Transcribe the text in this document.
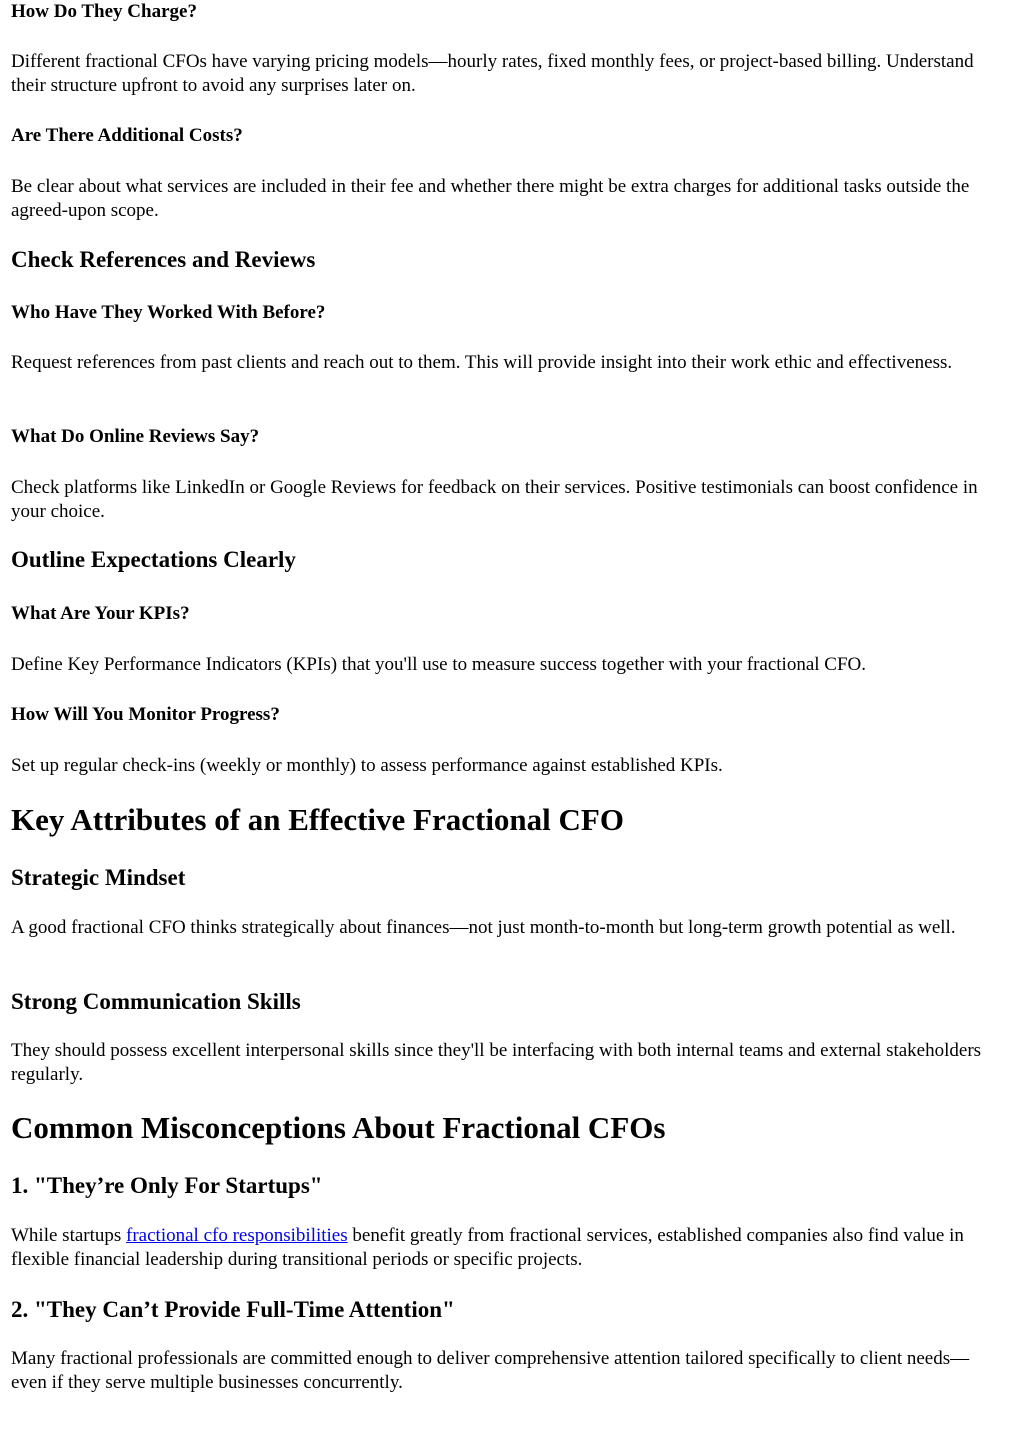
How Do They Charge?

Different fractional CFOs have varying pricing models—hourly rates, fixed monthly fees, or project-based billing. Understand their structure upfront to avoid any surprises later on.

Are There Additional Costs?

Be clear about what services are included in their fee and whether there might be extra charges for additional tasks outside the agreed-upon scope.

Check References and Reviews
Who Have They Worked With Before?

Request references from past clients and reach out to them. This will provide insight into their work ethic and effectiveness.

What Do Online Reviews Say?

Check platforms like LinkedIn or Google Reviews for feedback on their services. Positive testimonials can boost confidence in your choice.

Outline Expectations Clearly
What Are Your KPIs?

Define Key Performance Indicators (KPIs) that you'll use to measure success together with your fractional CFO.

How Will You Monitor Progress?

Set up regular check-ins (weekly or monthly) to assess performance against established KPIs.

Key Attributes of an Effective Fractional CFO
Strategic Mindset

A good fractional CFO thinks strategically about finances—not just month-to-month but long-term growth potential as well.

Strong Communication Skills

They should possess excellent interpersonal skills since they'll be interfacing with both internal teams and external stakeholders regularly.

Common Misconceptions About Fractional CFOs
1. "They’re Only For Startups"

While startups fractional cfo responsibilities benefit greatly from fractional services, established companies also find value in flexible financial leadership during transitional periods or specific projects.

2. "They Can’t Provide Full-Time Attention"

Many fractional professionals are committed enough to deliver comprehensive attention tailored specifically to client needs—even if they serve multiple businesses concurrently.
